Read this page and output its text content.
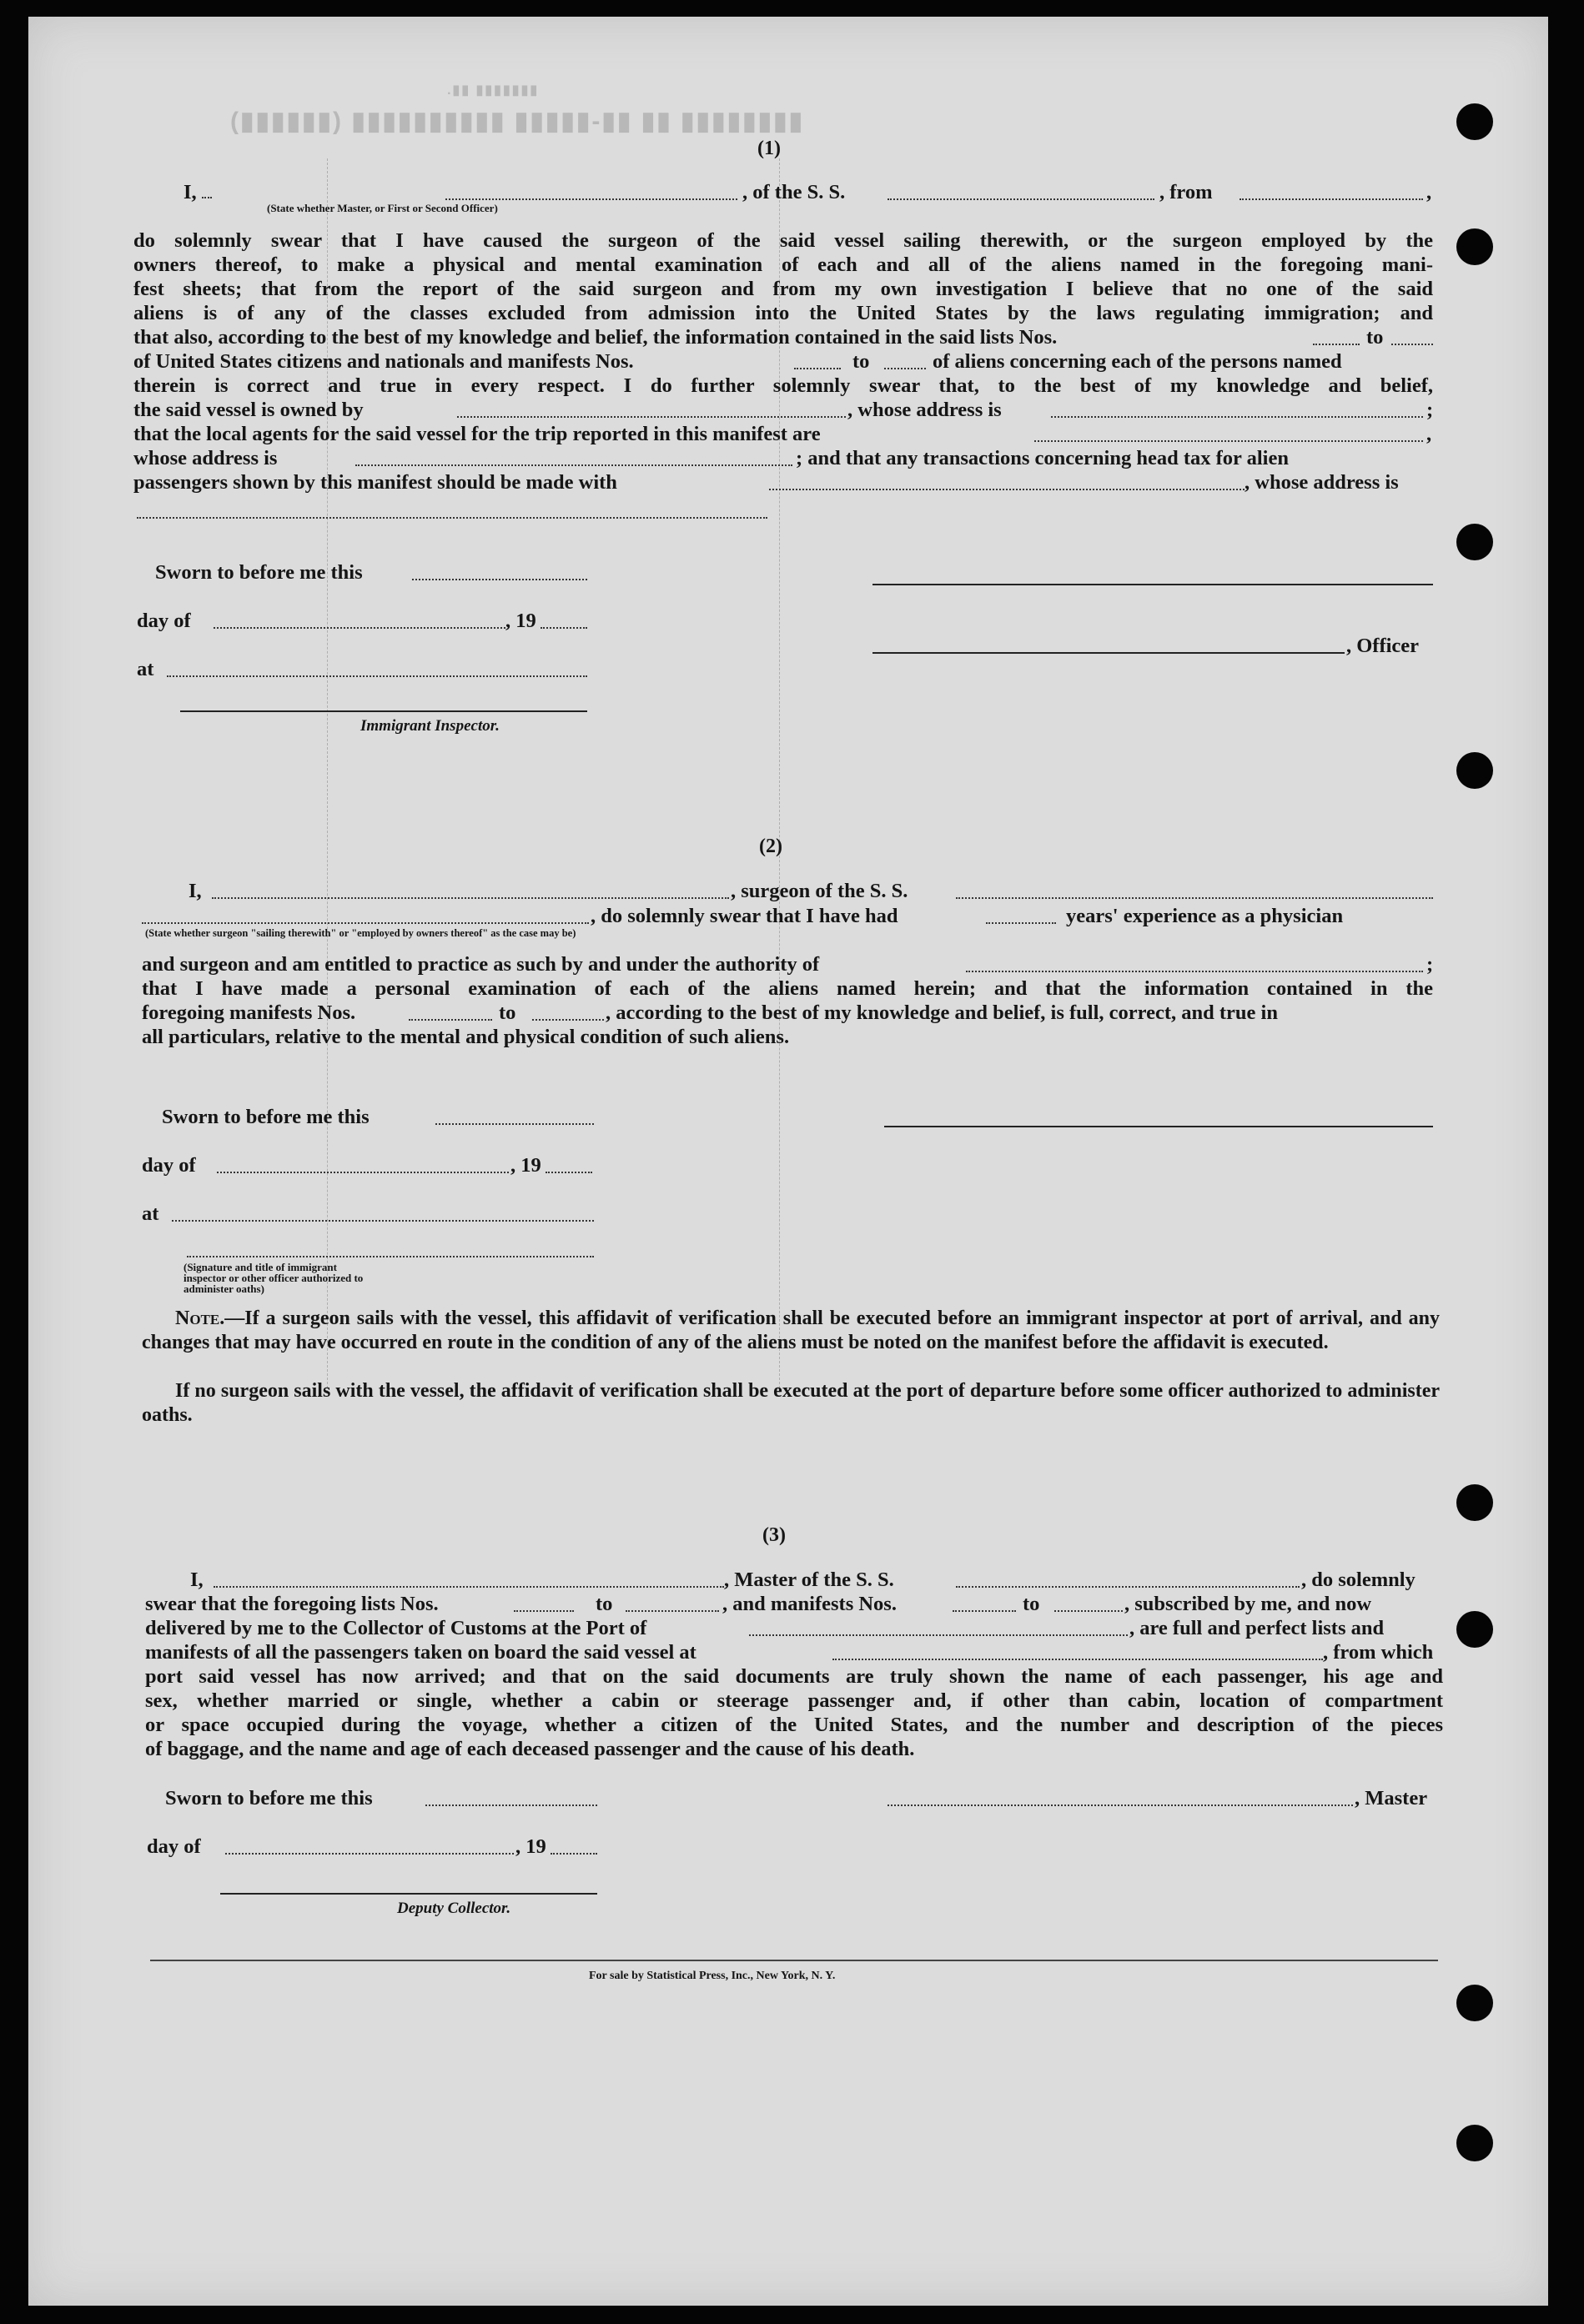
▮▮▮▮▮▮▮▮ ▮▮ ▮▮-▮▮▮▮▮ ▮▮▮▮▮▮▮▮▮▮ (▮▮▮▮▮▮)
▮▮▮▮▮▮▮ ▮▮.
(1)
I,
(State whether Master, or First or Second Officer)
, of the S. S.	, from	,
do solemnly swear that I have caused the surgeon of the said vessel sailing therewith, or the surgeon employed by the
owners thereof, to make a physical and mental examination of each and all of the aliens named in the foregoing mani-
fest sheets; that from the report of the said surgeon and from my own investigation I believe that no one of the said
aliens is of any of the classes excluded from admission into the United States by the laws regulating immigration; and
that also, according to the best of my knowledge and belief, the information contained in the said lists Nos.	to
of United States citizens and nationals and manifests Nos.	to	of aliens concerning each of the persons named
therein is correct and true in every respect. I do further solemnly swear that, to the best of my knowledge and belief,
the said vessel is owned by	, whose address is	;
that the local agents for the said vessel for the trip reported in this manifest are	,
whose address is	; and that any transactions concerning head tax for alien
passengers shown by this manifest should be made with	, whose address is
Sworn to before me this
day of	, 19
, Officer
at
Immigrant Inspector.
(2)
I,	, surgeon of the S. S.
, do solemnly swear that I have had	years' experience as a physician
(State whether surgeon "sailing therewith" or "employed by owners thereof" as the case may be)
and surgeon and am entitled to practice as such by and under the authority of	;
that I have made a personal examination of each of the aliens named herein; and that the information contained in the
foregoing manifests Nos.	to	, according to the best of my knowledge and belief, is full, correct, and true in
all particulars, relative to the mental and physical condition of such aliens.
Sworn to before me this
day of	, 19
at
(Signature and title of immigrant inspector or other officer authorized to administer oaths)
Note.—If a surgeon sails with the vessel, this affidavit of verification shall be executed before an immigrant inspector at port of arrival, and any changes that may have occurred en route in the condition of any of the aliens must be noted on the manifest before the affidavit is executed.
If no surgeon sails with the vessel, the affidavit of verification shall be executed at the port of departure before some officer authorized to administer oaths.
(3)
I,	, Master of the S. S.	, do solemnly
swear that the foregoing lists Nos.	to	, and manifests Nos.	to	, subscribed by me, and now
delivered by me to the Collector of Customs at the Port of	, are full and perfect lists and
manifests of all the passengers taken on board the said vessel at	, from which
port said vessel has now arrived; and that on the said documents are truly shown the name of each passenger, his age and
sex, whether married or single, whether a cabin or steerage passenger and, if other than cabin, location of compartment
or space occupied during the voyage, whether a citizen of the United States, and the number and description of the pieces
of baggage, and the name and age of each deceased passenger and the cause of his death.
Sworn to before me this	, Master
day of	, 19
Deputy Collector.
For sale by Statistical Press, Inc., New York, N. Y.
